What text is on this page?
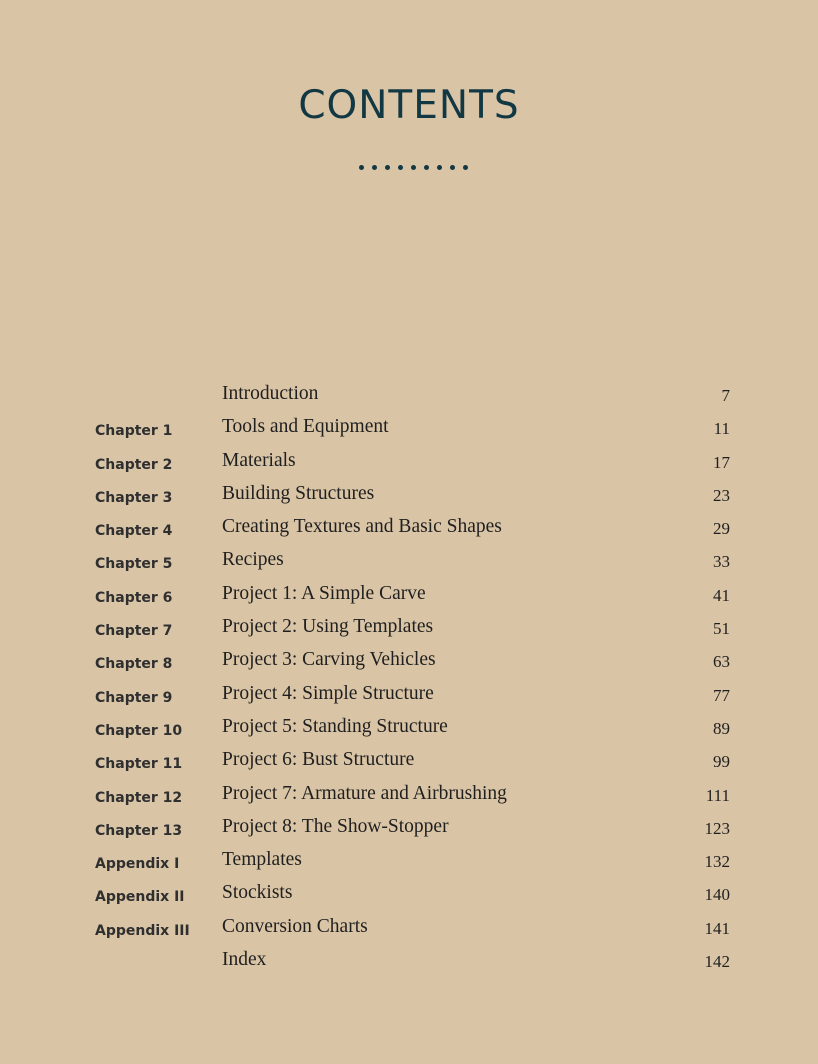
CONTENTS
Introduction	7
Chapter 1	Tools and Equipment	11
Chapter 2	Materials	17
Chapter 3	Building Structures	23
Chapter 4	Creating Textures and Basic Shapes	29
Chapter 5	Recipes	33
Chapter 6	Project 1: A Simple Carve	41
Chapter 7	Project 2: Using Templates	51
Chapter 8	Project 3: Carving Vehicles	63
Chapter 9	Project 4: Simple Structure	77
Chapter 10 Project 5: Standing Structure	89
Chapter 11 Project 6: Bust Structure	99
Chapter 12 Project 7: Armature and Airbrushing	111
Chapter 13 Project 8: The Show-Stopper	123
Appendix I Templates	132
Appendix II Stockists	140
Appendix III Conversion Charts	141
Index	142
